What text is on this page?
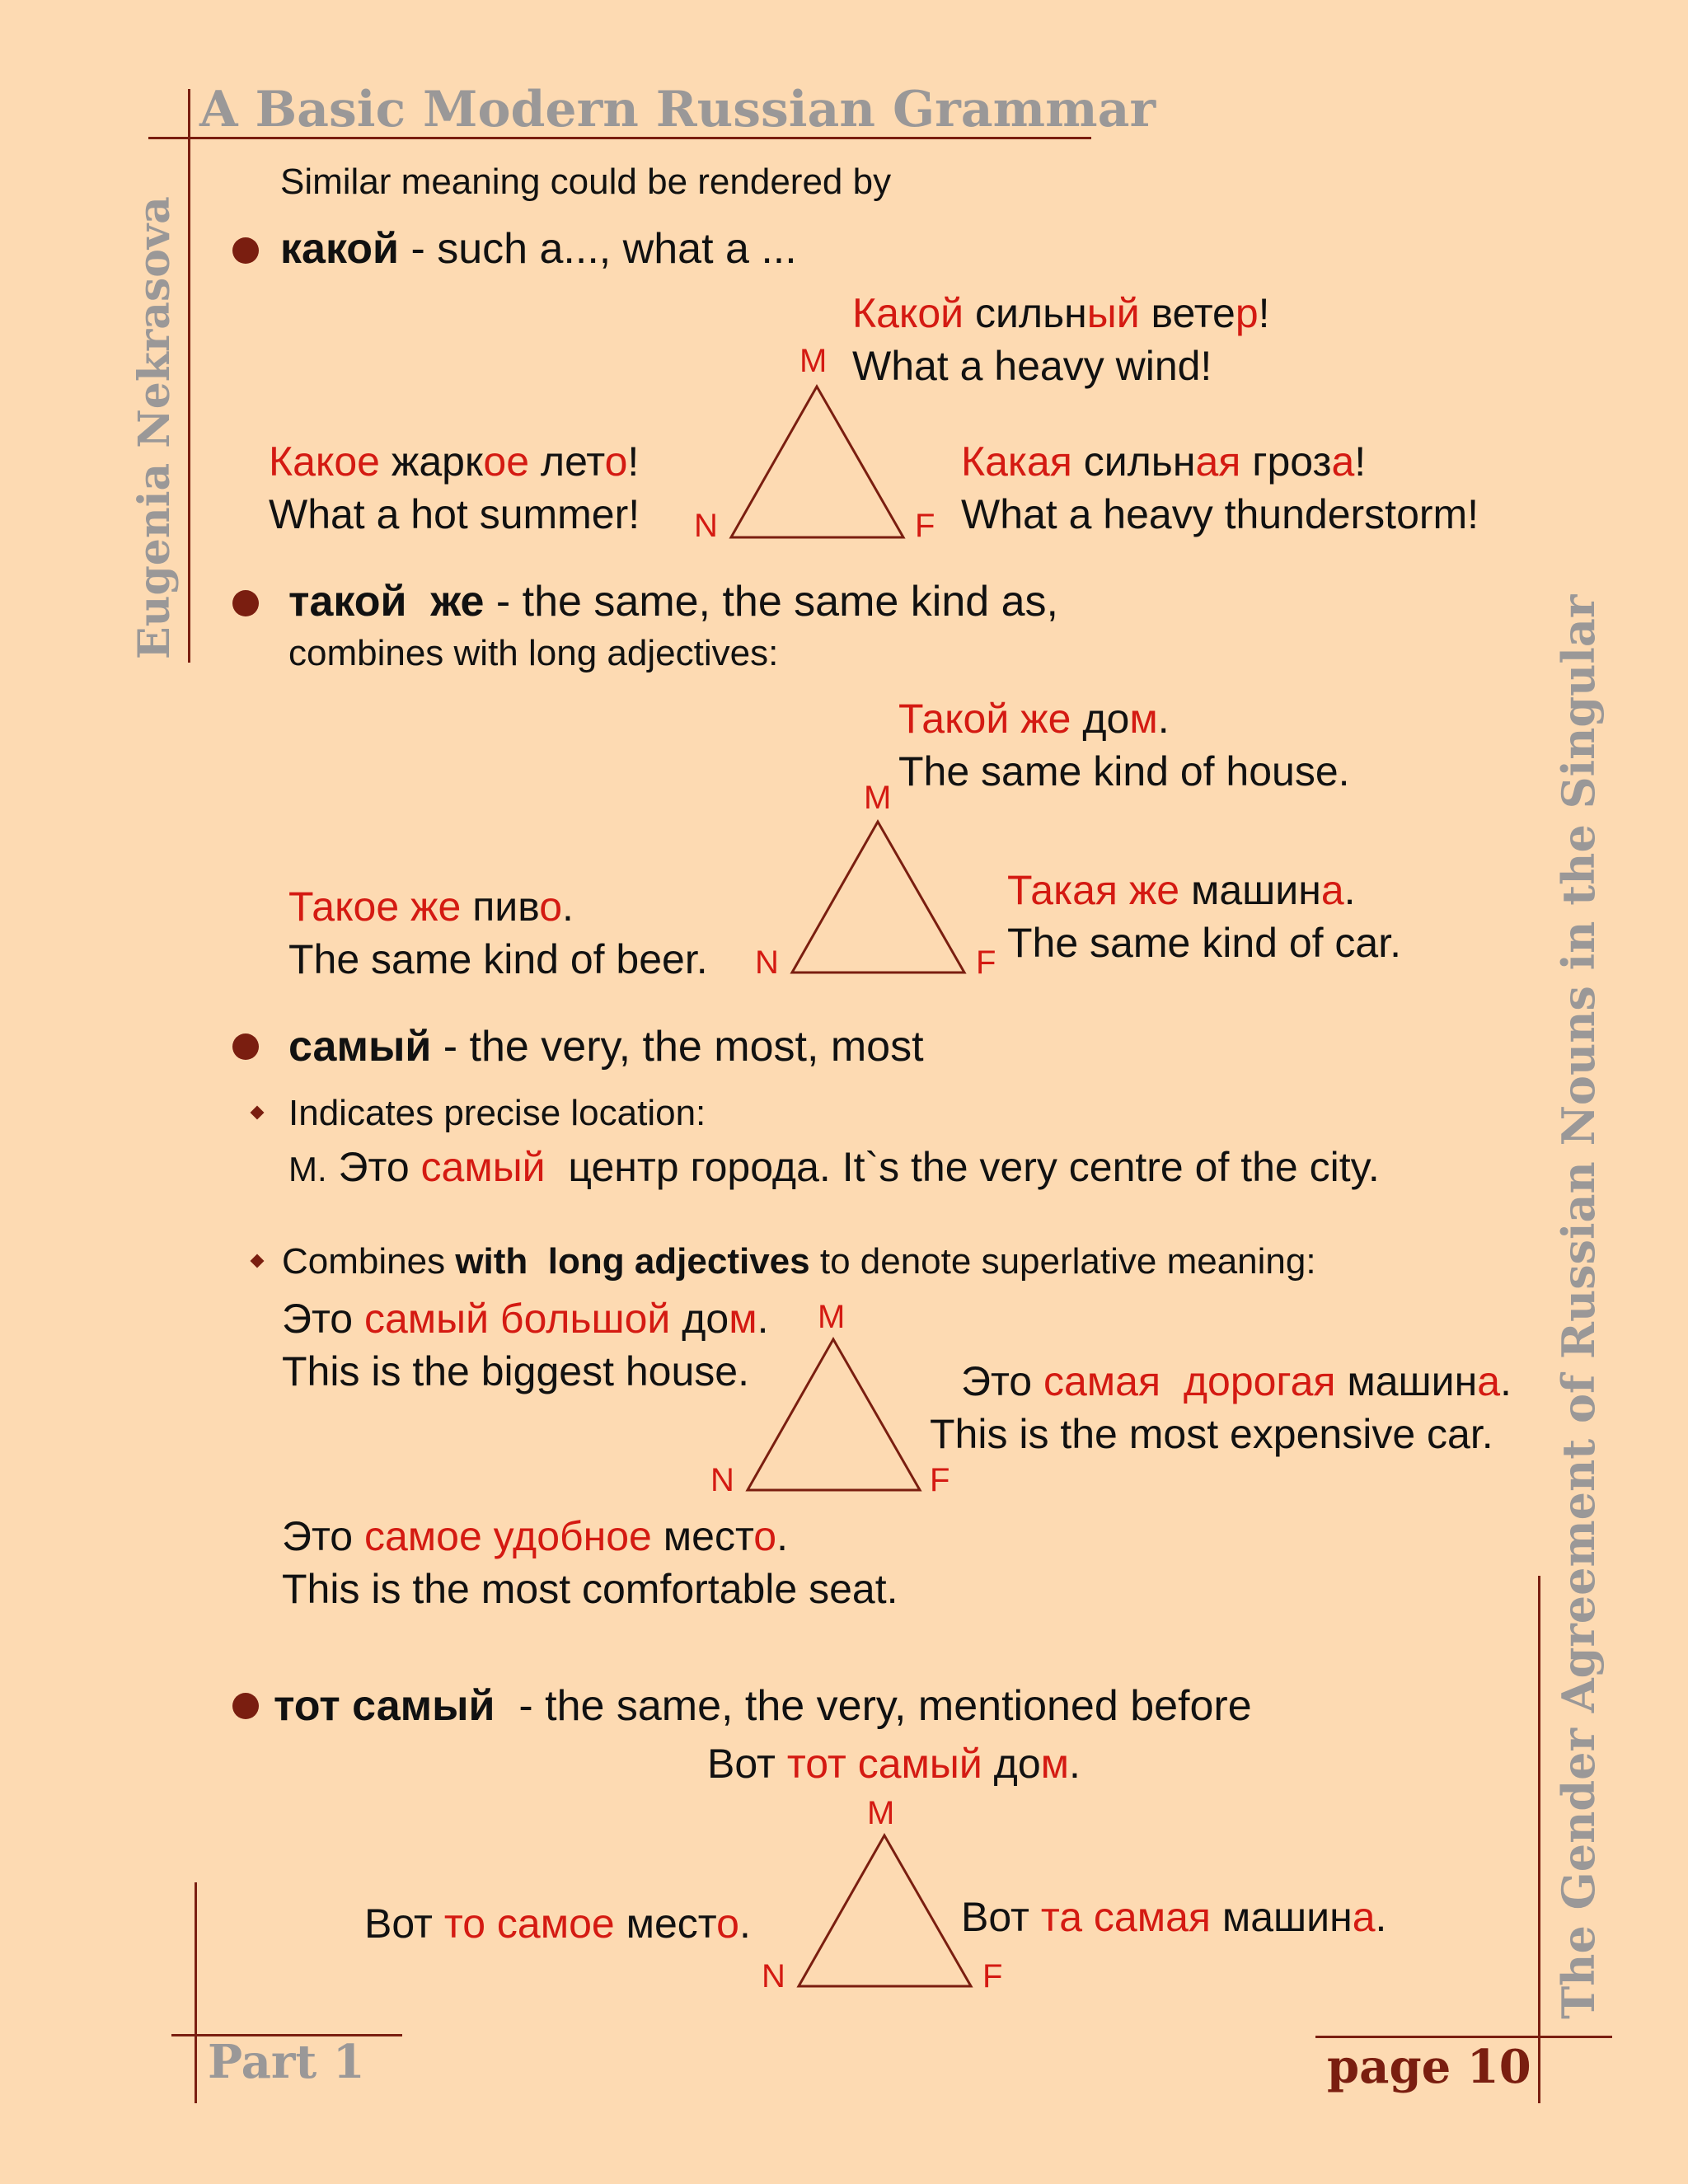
A Basic Modern Russian Grammar
Eugenia Nekrasova
The Gender Agreement of Russian Nouns in the Singular
Part 1	page 10
Similar meaning could be rendered by
какой - such a..., what a ...
Какой сильный ветер!
What a heavy wind!
M
N	F
Какое жаркое лето!
What a hot summer!
Какая сильная гроза!
What a heavy thunderstorm!
такой  же - the same, the same kind as,
combines with long adjectives:
Такой же дом.
The same kind of house.
M
N	F
Такое же пиво.
The same kind of beer.
Такая же машина.
The same kind of car.
самый - the very, the most, most
Indicates precise location:
М. Это самый  центр города. It`s the very centre of the city.
Combines with  long adjectives to denote superlative meaning:
Это самый большой дом.
This is the biggest house.
M
N	F
Это самая  дорогая машина.
This is the most expensive car.
Это самое удобное место.
This is the most comfortable seat.
тот самый  - the same, the very, mentioned before
Вот тот самый дом.
M
N	F
Вот то самое место.	Вот та самая машина.
